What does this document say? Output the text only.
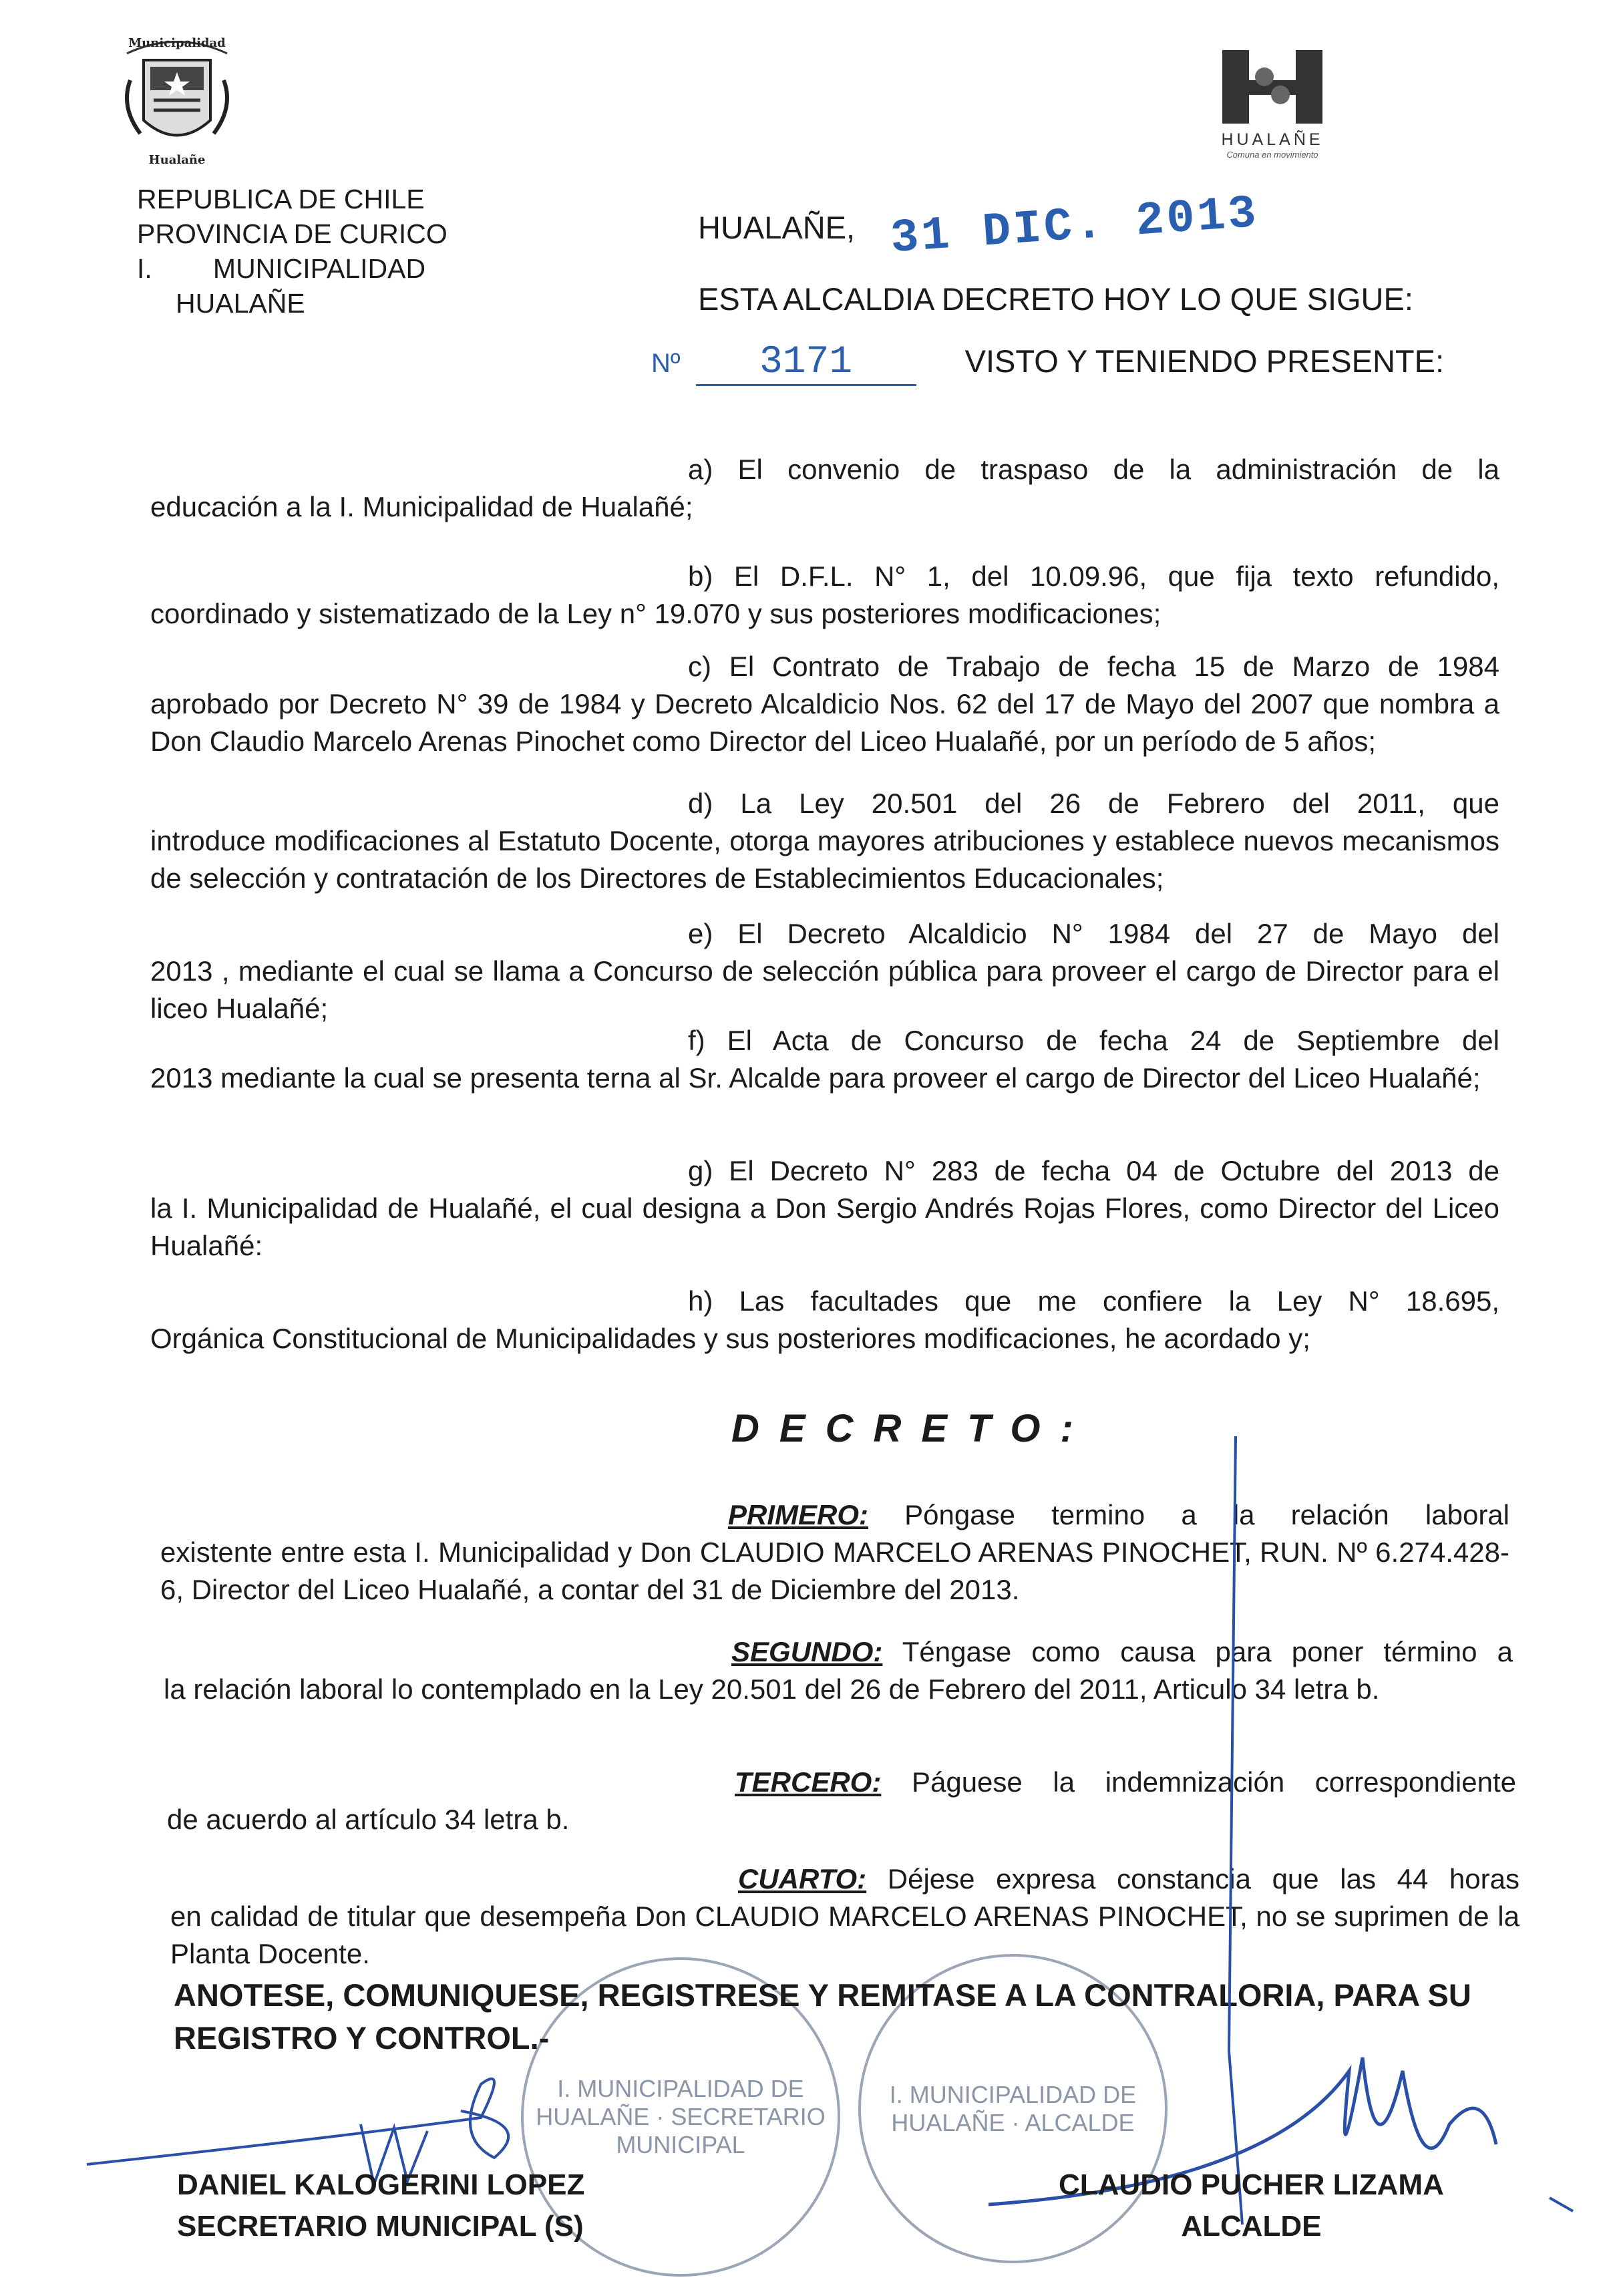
Municipalidad
Hualañe
HUALAÑE
Comuna en movimiento
REPUBLICA DE CHILE
PROVINCIA DE CURICO
I.        MUNICIPALIDAD
HUALAÑE
HUALAÑE, 31 DIC. 2013
ESTA ALCALDIA DECRETO HOY LO QUE SIGUE:
Nº 3171	VISTO Y TENIENDO PRESENTE:
a) El convenio de traspaso de la administración de la
educación a la I. Municipalidad de Hualañé;
b) El D.F.L. N° 1, del 10.09.96, que fija texto refundido,
coordinado y sistematizado de la Ley n° 19.070 y sus posteriores modificaciones;
c) El Contrato de Trabajo de fecha 15 de Marzo de 1984
aprobado por Decreto N° 39 de 1984 y Decreto Alcaldicio Nos. 62 del 17 de Mayo del 2007 que nombra a Don Claudio Marcelo Arenas Pinochet como Director del Liceo Hualañé, por un período de 5 años;
d) La Ley 20.501 del 26 de Febrero del 2011, que
introduce modificaciones al Estatuto Docente, otorga mayores atribuciones y establece nuevos mecanismos de selección y contratación de los Directores de Establecimientos Educacionales;
e) El Decreto Alcaldicio N° 1984 del 27 de Mayo del
2013 , mediante el cual se llama a Concurso de selección pública para proveer el cargo de Director para el liceo Hualañé;
f) El Acta de Concurso de fecha 24 de Septiembre del
2013 mediante la cual se presenta terna al Sr. Alcalde para proveer el cargo de Director del Liceo Hualañé;
g) El Decreto N° 283 de fecha 04 de Octubre del 2013 de
la I. Municipalidad de Hualañé, el cual designa a Don Sergio Andrés Rojas Flores, como Director del Liceo Hualañé:
h) Las facultades que me confiere la Ley N° 18.695,
Orgánica Constitucional de Municipalidades y sus posteriores modificaciones, he acordado y;
DECRETO:
PRIMERO: Póngase termino a la relación laboral
existente entre esta I. Municipalidad y Don CLAUDIO MARCELO ARENAS PINOCHET, RUN. Nº 6.274.428-6, Director del Liceo Hualañé, a contar del 31 de Diciembre del 2013.
SEGUNDO: Téngase como causa para poner término a
la relación laboral lo contemplado en la Ley 20.501 del 26 de Febrero del 2011, Articulo 34 letra b.
TERCERO: Páguese la indemnización correspondiente
de acuerdo al artículo 34 letra b.
CUARTO: Déjese expresa constancia que las 44 horas
en calidad de titular que desempeña Don CLAUDIO MARCELO ARENAS PINOCHET, no se suprimen de la Planta Docente.
I. MUNICIPALIDAD DE HUALAÑE · SECRETARIO MUNICIPAL
I. MUNICIPALIDAD DE HUALAÑE · ALCALDE
ANOTESE, COMUNIQUESE, REGISTRESE Y REMITASE A LA CONTRALORIA, PARA SU REGISTRO Y CONTROL.-
DANIEL KALOGERINI LOPEZ
SECRETARIO MUNICIPAL (S)
CLAUDIO PUCHER LIZAMA
ALCALDE
